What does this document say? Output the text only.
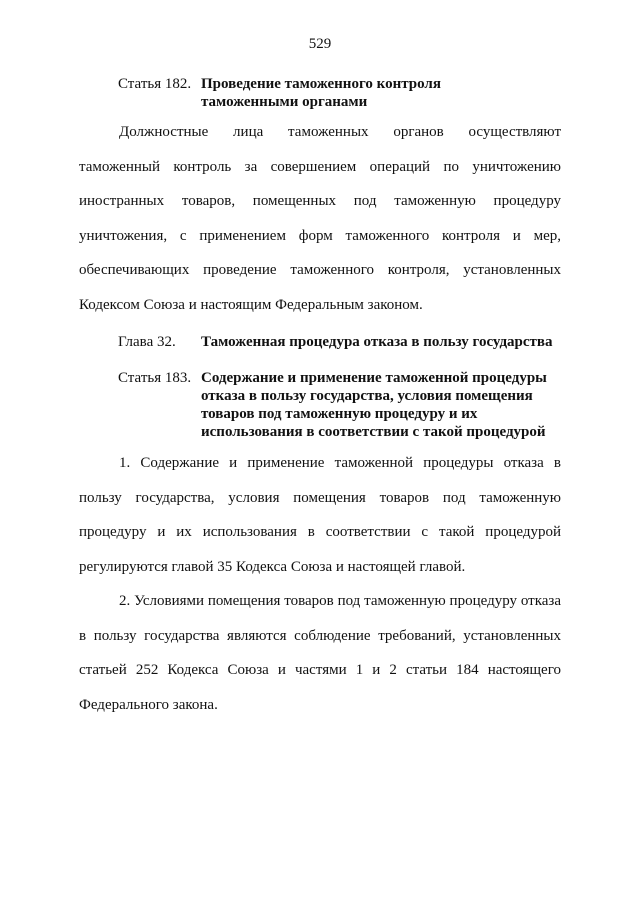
529
Статья 182. Проведение таможенного контроля
таможенными органами

Должностные лица таможенных органов осуществляют таможенный контроль за совершением операций по уничтожению иностранных товаров, помещенных под таможенную процедуру уничтожения, с применением форм таможенного контроля и мер, обеспечивающих проведение таможенного контроля, установленных Кодексом Союза и настоящим Федеральным законом.

Глава 32. Таможенная процедура отказа в пользу государства
Статья 183. Содержание и применение таможенной процедуры
отказа в пользу государства, условия помещения
товаров под таможенную процедуру и их
использования в соответствии с такой процедурой

1. Содержание и применение таможенной процедуры отказа в пользу государства, условия помещения товаров под таможенную процедуру и их использования в соответствии с такой процедурой регулируются главой 35 Кодекса Союза и настоящей главой.

2. Условиями помещения товаров под таможенную процедуру отказа в пользу государства являются соблюдение требований, установленных статьей 252 Кодекса Союза и частями 1 и 2 статьи 184 настоящего Федерального закона.
